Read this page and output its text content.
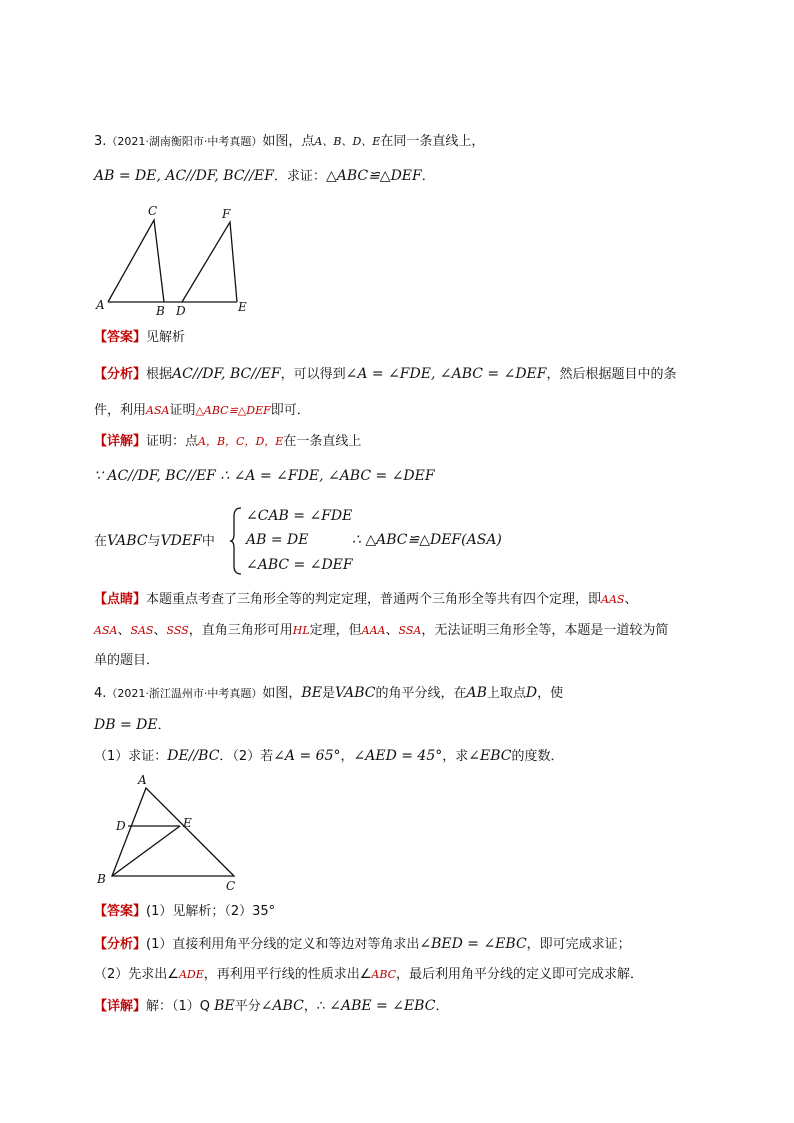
3.（2021·湖南衡阳市·中考真题）如图，点A、B、D、E在同一条直线上，
AB = DE, AC//DF, BC//EF．求证：△ABC≌△DEF．
C	F
A	B D	E
【答案】见解析
【分析】根据AC//DF, BC//EF，可以得到∠A = ∠FDE, ∠ABC = ∠DEF，然后根据题目中的条
件，利用ASA证明△ABC≌△DEF即可．
【详解】证明：点A，B，C，D，E在一条直线上
∵ AC//DF, BC//EF ∴ ∠A = ∠FDE, ∠ABC = ∠DEF
在VABC与VDEF中
∠CAB = ∠FDE
AB = DE
∠ABC = ∠DEF
∴ △ABC≌△DEF(ASA)
【点睛】本题重点考查了三角形全等的判定定理，普通两个三角形全等共有四个定理，即AAS、
ASA、SAS、SSS，直角三角形可用HL定理，但AAA、SSA，无法证明三角形全等，本题是一道较为简
单的题目．
4.（2021·浙江温州市·中考真题）如图，BE是VABC的角平分线，在AB上取点D，使
DB = DE．
（1）求证：DE//BC．（2）若∠A = 65°，∠AED = 45°，求∠EBC的度数．
A
D	E
B	C
【答案】(1）见解析；（2）35°
【分析】(1）直接利用角平分线的定义和等边对等角求出∠BED = ∠EBC，即可完成求证；
（2）先求出∠ADE，再利用平行线的性质求出∠ABC，最后利用角平分线的定义即可完成求解．
【详解】解：（1）Q BE平分∠ABC，∴ ∠ABE = ∠EBC．
